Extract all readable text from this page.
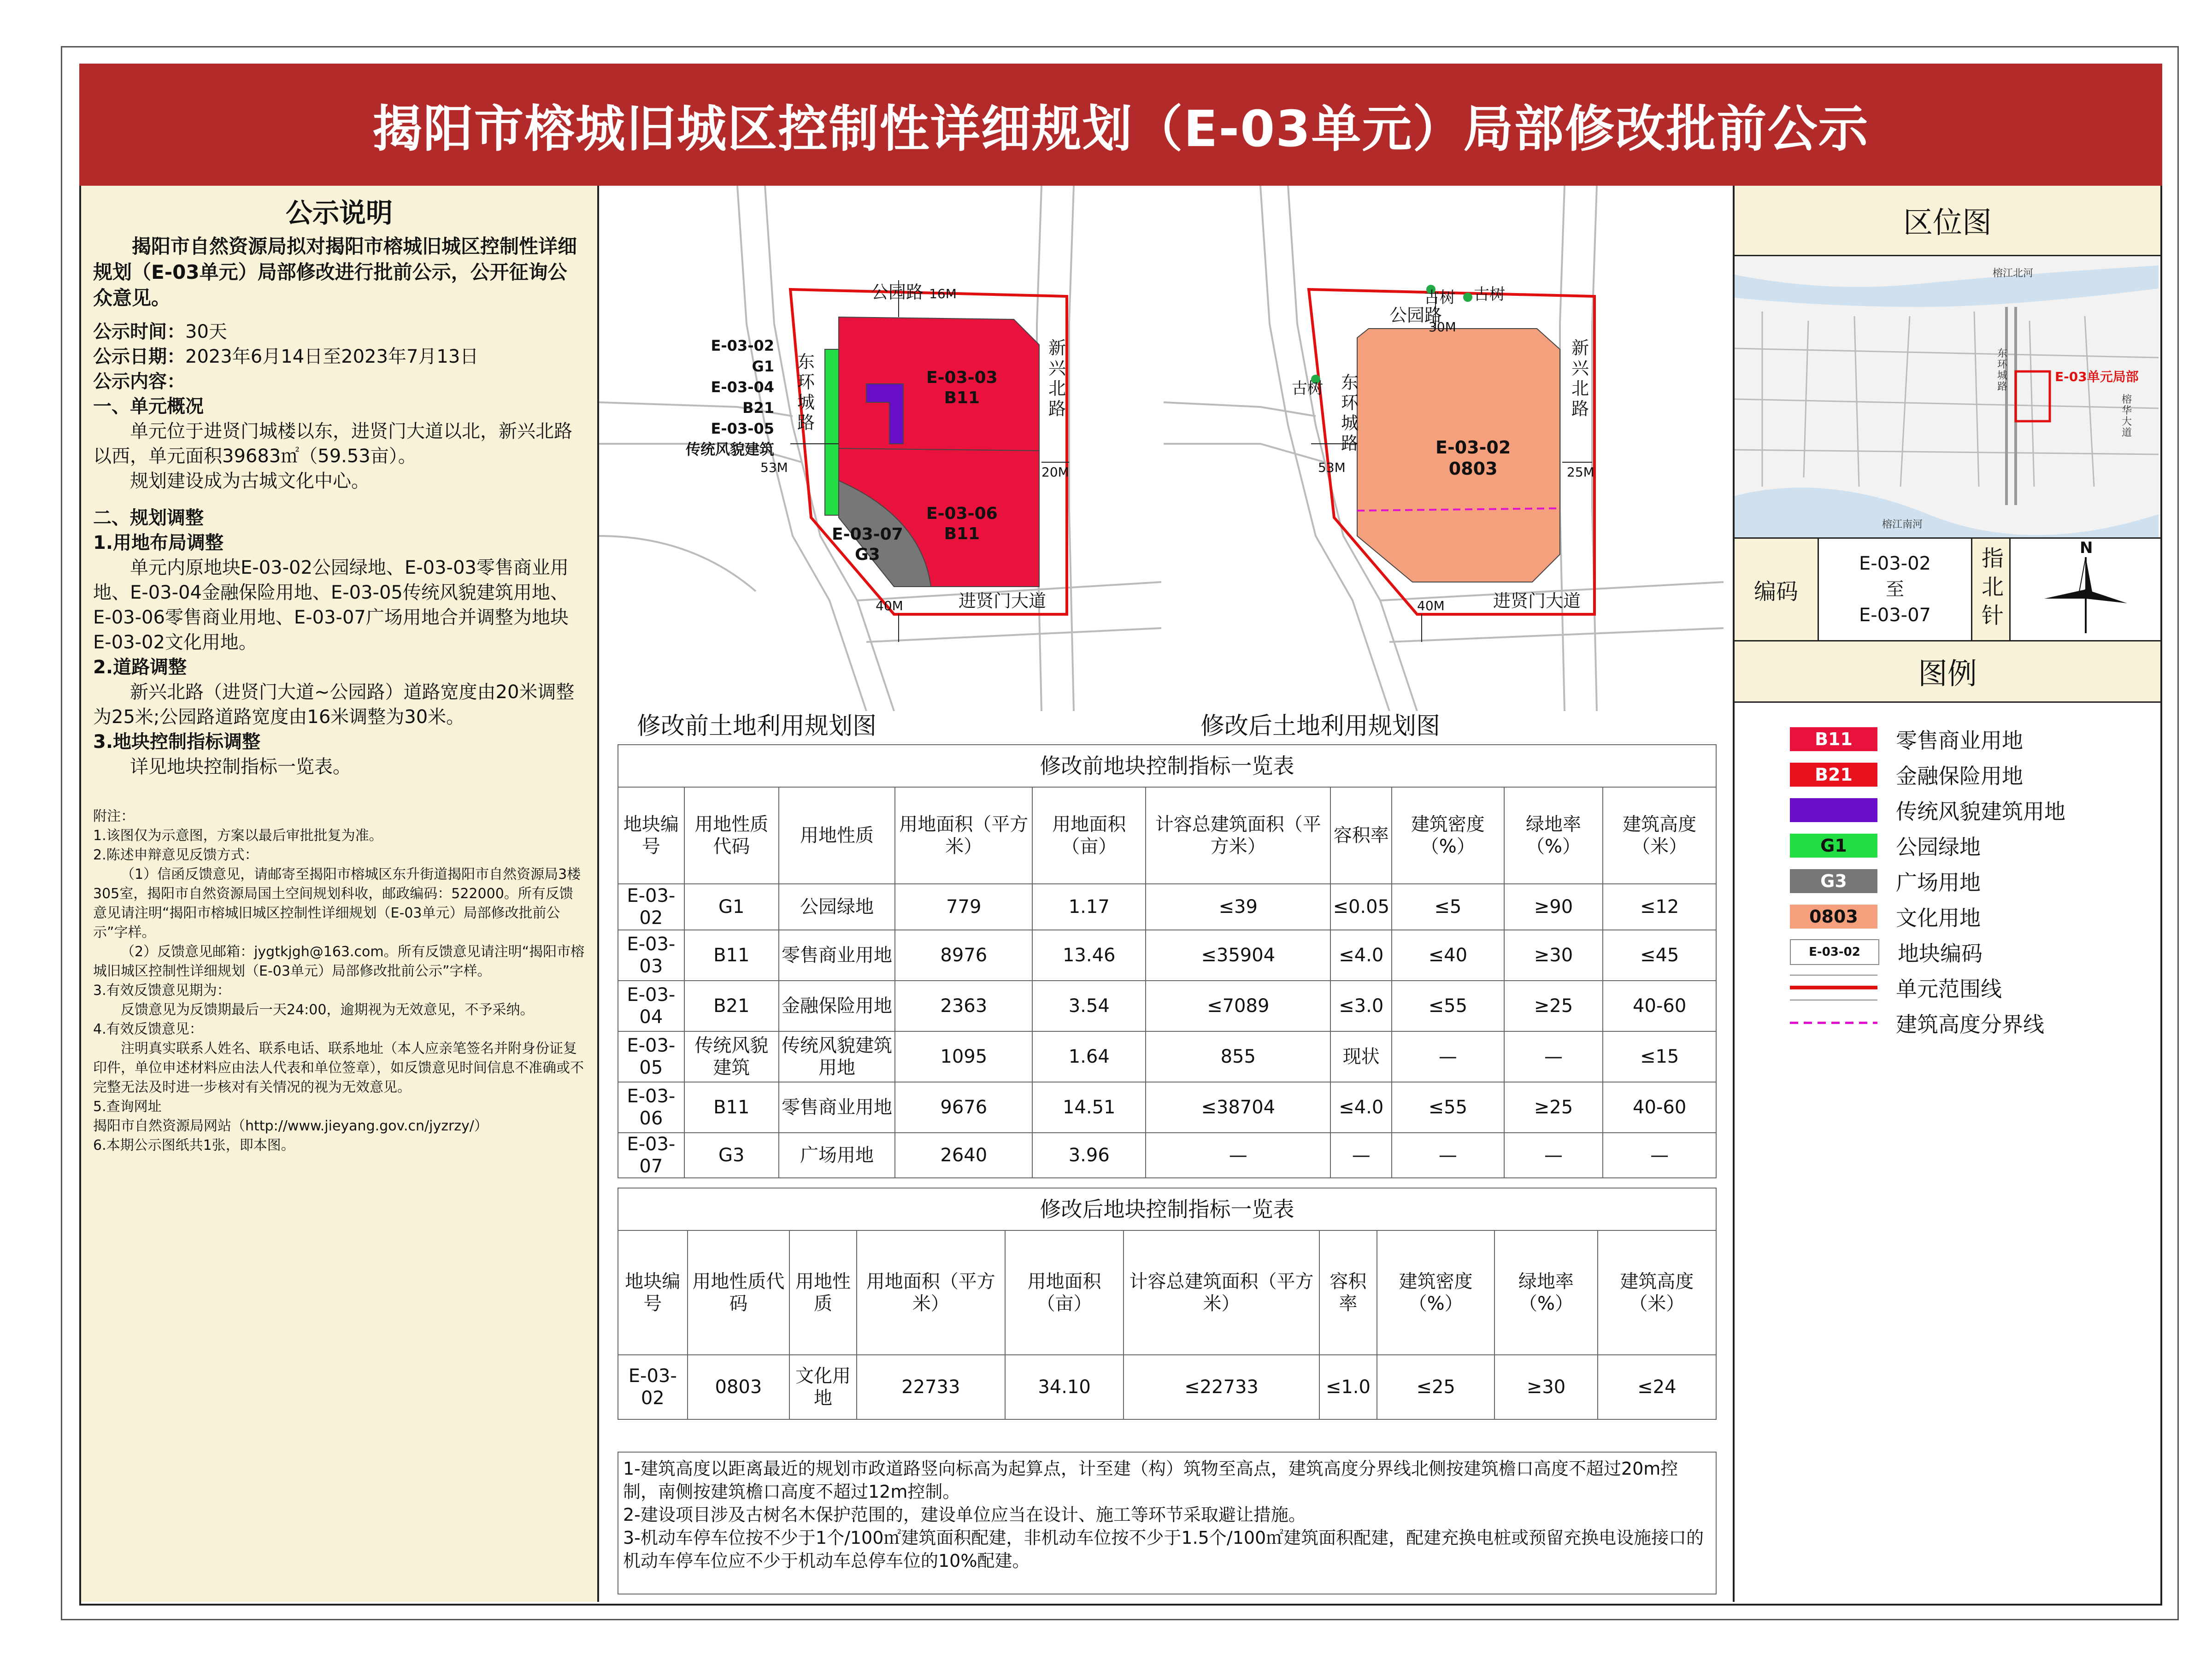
揭阳市榕城旧城区控制性详细规划（E-03单元）局部修改批前公示
公示说明
揭阳市自然资源局拟对揭阳市榕城旧城区控制性详细规划（E-03单元）局部修改进行批前公示，公开征询公众意见。
公示时间：30天
公示日期：2023年6月14日至2023年7月13日
公示内容：
一、单元概况
单元位于进贤门城楼以东，进贤门大道以北，新兴北路以西，单元面积39683㎡（59.53亩）。
规划建设成为古城文化中心。
二、规划调整
1.用地布局调整
单元内原地块E-03-02公园绿地、E-03-03零售商业用地、E-03-04金融保险用地、E-03-05传统风貌建筑用地、E-03-06零售商业用地、E-03-07广场用地合并调整为地块E-03-02文化用地。
2.道路调整
新兴北路（进贤门大道~公园路）道路宽度由20米调整为25米;公园路道路宽度由16米调整为30米。
3.地块控制指标调整
详见地块控制指标一览表。
附注：
1.该图仅为示意图，方案以最后审批批复为准。
2.陈述申辩意见反馈方式：
（1）信函反馈意见，请邮寄至揭阳市榕城区东升街道揭阳市自然资源局3楼305室，揭阳市自然资源局国土空间规划科收，邮政编码：522000。所有反馈意见请注明“揭阳市榕城旧城区控制性详细规划（E-03单元）局部修改批前公示”字样。
（2）反馈意见邮箱：jygtkjgh@163.com。所有反馈意见请注明“揭阳市榕城旧城区控制性详细规划（E-03单元）局部修改批前公示”字样。
3.有效反馈意见期为：
反馈意见为反馈期最后一天24:00，逾期视为无效意见，不予采纳。
4.有效反馈意见：
注明真实联系人姓名、联系电话、联系地址（本人应亲笔签名并附身份证复印件，单位申述材料应由法人代表和单位签章），如反馈意见时间信息不准确或不完整无法及时进一步核对有关情况的视为无效意见。
5.查询网址
揭阳市自然资源局网站（http://www.jieyang.gov.cn/jyzrzy/）
6.本期公示图纸共1张，即本图。
公园路 16M
东环城路
53M
新兴北路
20M
进贤门大道
40M
E-03-02
G1
E-03-04
B21
E-03-05
传统风貌建筑
E-03-03
B11
E-03-06
B11
E-03-07
G3
修改前土地利用规划图
公园路
30M
古树 古树
古树 东环城路
53M
新兴北路
25M
进贤门大道
40M
E-03-02
0803
修改后土地利用规划图
修改前地块控制指标一览表
地块编号	用地性质代码	用地性质	用地面积（平方米）	用地面积（亩）	计容总建筑面积（平方米）	容积率	建筑密度（%）	绿地率（%）	建筑高度（米）
E-03-02	G1	公园绿地	779	1.17	≤39	≤0.05	≤5	≥90	≤12
E-03-03	B11	零售商业用地	8976	13.46	≤35904	≤4.0	≤40	≥30	≤45
E-03-04	B21	金融保险用地	2363	3.54	≤7089	≤3.0	≤55	≥25	40-60
E-03-05	传统风貌建筑	传统风貌建筑用地	1095	1.64	855	现状	—	—	≤15
E-03-06	B11	零售商业用地	9676	14.51	≤38704	≤4.0	≤55	≥25	40-60
E-03-07	G3	广场用地	2640	3.96	—	—	—	—	—
修改后地块控制指标一览表
地块编号	用地性质代码	用地性质	用地面积（平方米）	用地面积（亩）	计容总建筑面积（平方米）	容积率	建筑密度（%）	绿地率（%）	建筑高度（米）
E-03-02	0803	文化用地	22733	34.10	≤22733	≤1.0	≤25	≥30	≤24
1-建筑高度以距离最近的规划市政道路竖向标高为起算点，计至建（构）筑物至高点，建筑高度分界线北侧按建筑檐口高度不超过20m控制，南侧按建筑檐口高度不超过12m控制。
2-建设项目涉及古树名木保护范围的，建设单位应当在设计、施工等环节采取避让措施。
3-机动车停车位按不少于1个/100㎡建筑面积配建，非机动车位按不少于1.5个/100㎡建筑面积配建，配建充换电桩或预留充换电设施接口的机动车停车位应不少于机动车总停车位的10%配建。
区位图
E-03单元局部
榕江北河
东环城路
榕江南河
榕华大道
编码
E-03-02
至
E-03-07 指北针	N
图例
B11	零售商业用地
B21	金融保险用地
传统风貌建筑用地
G1	公园绿地
G3	广场用地
0803	文化用地
E-03-02	地块编码
单元范围线
建筑高度分界线
